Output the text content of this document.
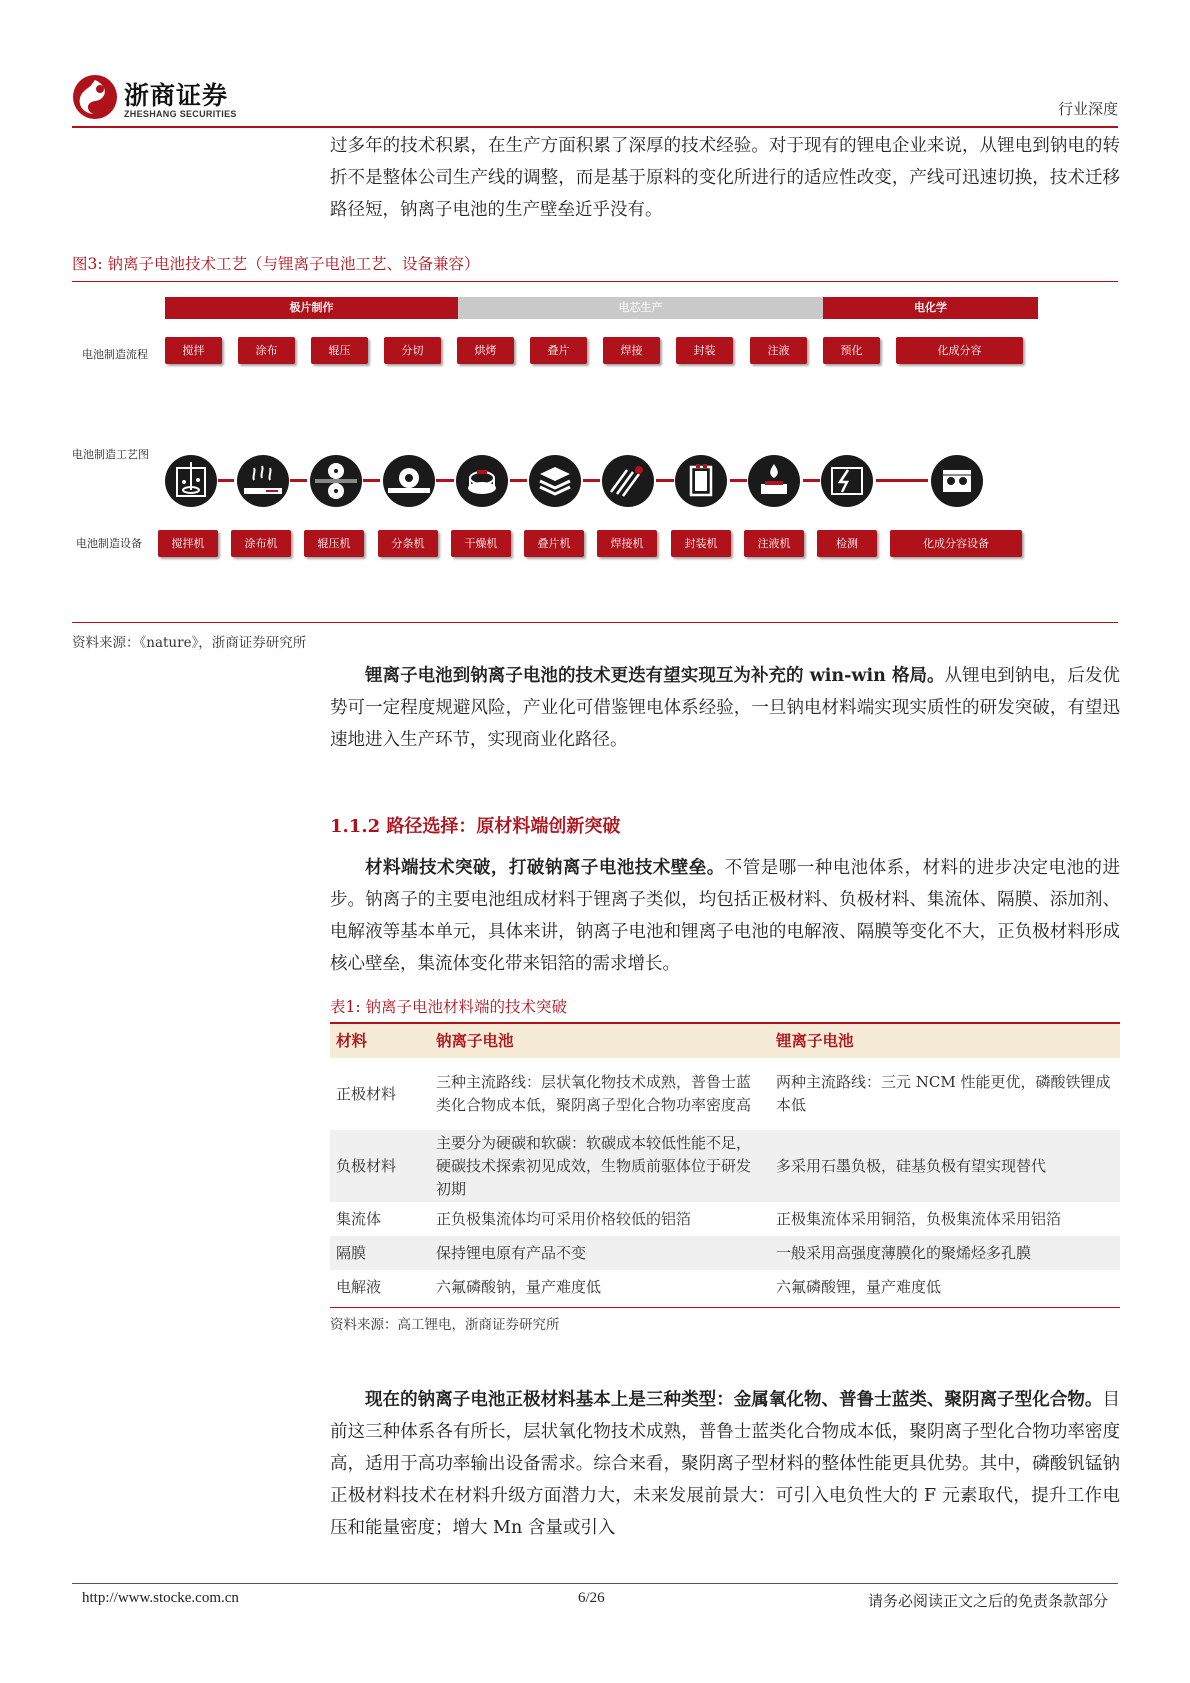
浙商证券
ZHESHANG SECURITIES	行业深度

过多年的技术积累，在生产方面积累了深厚的技术经验。对于现有的锂电企业来说，从锂电到钠电的转折不是整体公司生产线的调整，而是基于原料的变化所进行的适应性改变，产线可迅速切换，技术迁移路径短，钠离子电池的生产壁垒近乎没有。

图3: 钠离子电池技术工艺（与锂离子电池工艺、设备兼容）
极片制作	电芯生产	电化学
电池制造流程
电池制造工艺图
电池制造设备
搅拌	涂布	辊压	分切	烘烤	叠片	焊接	封装	注液	预化	化成分容
搅拌机	涂布机	辊压机	分条机	干燥机	叠片机	焊接机	封装机	注液机	检测	化成分容设备
资料来源：《nature》，浙商证券研究所

锂离子电池到钠离子电池的技术更迭有望实现互为补充的 win-win 格局。从锂电到钠电，后发优势可一定程度规避风险，产业化可借鉴锂电体系经验，一旦钠电材料端实现实质性的研发突破，有望迅速地进入生产环节，实现商业化路径。

1.1.2 路径选择：原材料端创新突破

材料端技术突破，打破钠离子电池技术壁垒。不管是哪一种电池体系，材料的进步决定电池的进步。钠离子的主要电池组成材料于锂离子类似，均包括正极材料、负极材料、集流体、隔膜、添加剂、电解液等基本单元，具体来讲，钠离子电池和锂离子电池的电解液、隔膜等变化不大，正负极材料形成核心壁垒，集流体变化带来铝箔的需求增长。

表1: 钠离子电池材料端的技术突破
材料	钠离子电池	锂离子电池
正极材料	三种主流路线：层状氧化物技术成熟，普鲁士蓝类化合物成本低，聚阴离子型化合物功率密度高	两种主流路线：三元 NCM 性能更优，磷酸铁锂成本低
负极材料	主要分为硬碳和软碳：软碳成本较低性能不足，硬碳技术探索初见成效，生物质前驱体位于研发初期	多采用石墨负极，硅基负极有望实现替代
集流体	正负极集流体均可采用价格较低的铝箔	正极集流体采用铜箔，负极集流体采用铝箔
隔膜	保持锂电原有产品不变	一般采用高强度薄膜化的聚烯烃多孔膜
电解液	六氟磷酸钠，量产难度低	六氟磷酸锂，量产难度低
资料来源：高工锂电，浙商证券研究所

现在的钠离子电池正极材料基本上是三种类型：金属氧化物、普鲁士蓝类、聚阴离子型化合物。目前这三种体系各有所长，层状氧化物技术成熟，普鲁士蓝类化合物成本低，聚阴离子型化合物功率密度高，适用于高功率输出设备需求。综合来看，聚阴离子型材料的整体性能更具优势。其中，磷酸钒锰钠正极材料技术在材料升级方面潜力大，未来发展前景大：可引入电负性大的 F 元素取代，提升工作电压和能量密度；增大 Mn 含量或引入

http://www.stocke.com.cn	6/26	请务必阅读正文之后的免责条款部分
